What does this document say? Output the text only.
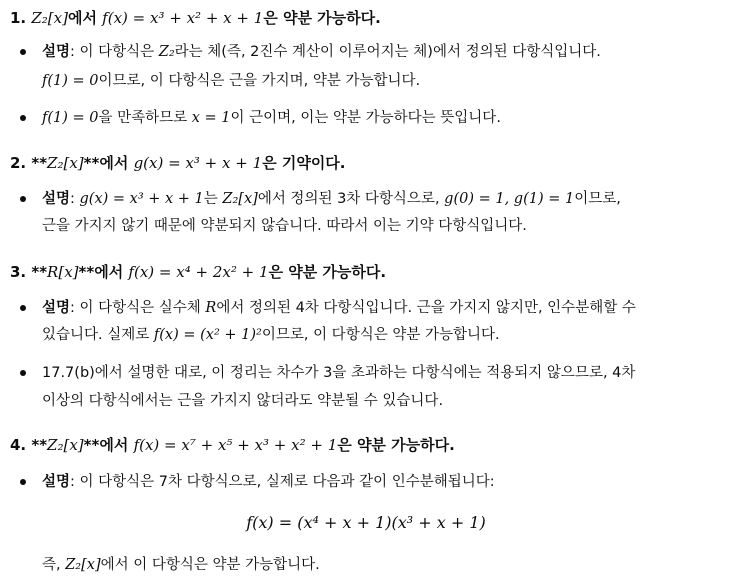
1. Z₂[x]에서 f(x) = x³ + x² + x + 1은 약분 가능하다.
설명: 이 다항식은 Z₂라는 체(즉, 2진수 계산이 이루어지는 체)에서 정의된 다항식입니다.
f(1) = 0이므로, 이 다항식은 근을 가지며, 약분 가능합니다.
f(1) = 0을 만족하므로 x = 1이 근이며, 이는 약분 가능하다는 뜻입니다.
2. **Z₂[x]**에서 g(x) = x³ + x + 1은 기약이다.
설명: g(x) = x³ + x + 1는 Z₂[x]에서 정의된 3차 다항식으로, g(0) = 1, g(1) = 1이므로,
근을 가지지 않기 때문에 약분되지 않습니다. 따라서 이는 기약 다항식입니다.
3. **R[x]**에서 f(x) = x⁴ + 2x² + 1은 약분 가능하다.
설명: 이 다항식은 실수체 R에서 정의된 4차 다항식입니다. 근을 가지지 않지만, 인수분해할 수
있습니다. 실제로 f(x) = (x² + 1)²이므로, 이 다항식은 약분 가능합니다.
17.7(b)에서 설명한 대로, 이 정리는 차수가 3을 초과하는 다항식에는 적용되지 않으므로, 4차
이상의 다항식에서는 근을 가지지 않더라도 약분될 수 있습니다.
4. **Z₂[x]**에서 f(x) = x⁷ + x⁵ + x³ + x² + 1은 약분 가능하다.
설명: 이 다항식은 7차 다항식으로, 실제로 다음과 같이 인수분해됩니다:
f(x) = (x⁴ + x + 1)(x³ + x + 1)
즉, Z₂[x]에서 이 다항식은 약분 가능합니다.
